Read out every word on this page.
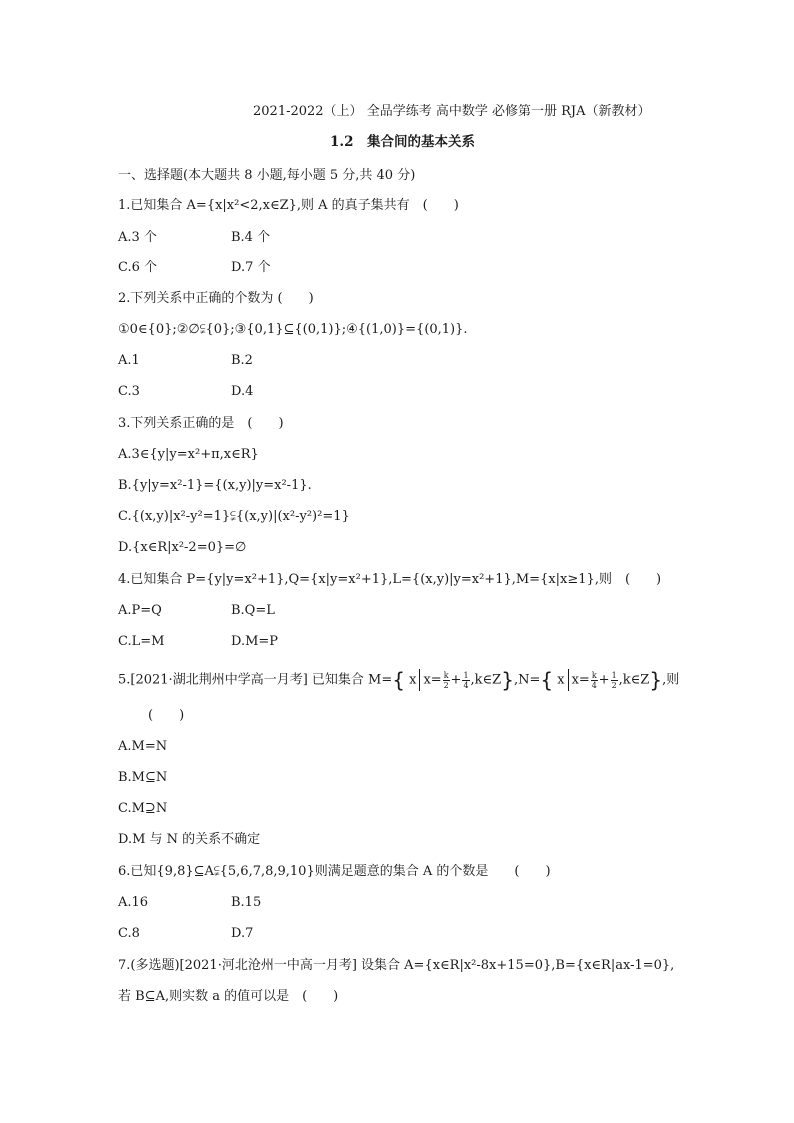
2021-2022（上） 全品学练考 高中数学 必修第一册 RJA（新教材）
1.2　集合间的基本关系
一、选择题(本大题共 8 小题,每小题 5 分,共 40 分)
1.已知集合 A={x|x²<2,x∈Z},则 A 的真子集共有　(　　)
A.3 个	B.4 个
C.6 个	D.7 个
2.下列关系中正确的个数为 (　　)
①0∈{0};②∅⫋{0};③{0,1}⊆{(0,1)};④{(1,0)}={(0,1)}.
A.1	B.2
C.3	D.4
3.下列关系正确的是　(　　)
A.3∈{y|y=x²+π,x∈R}
B.{y|y=x²-1}={(x,y)|y=x²-1}.
C.{(x,y)|x²-y²=1}⫋{(x,y)|(x²-y²)²=1}
D.{x∈R|x²-2=0}=∅
4.已知集合 P={y|y=x²+1},Q={x|y=x²+1},L={(x,y)|y=x²+1},M={x|x≥1},则　(　　)
A.P=Q	B.Q=L
C.L=M	D.M=P
5.[2021·湖北荆州中学高一月考] 已知集合 M={ x $x= \frac{k}{2} + \frac{1}{4}$ ,k∈Z},N={ x $x= \frac{k}{4} + \frac{1}{2}$ ,k∈Z},则
(　　)
A.M=N
B.M⊆N
C.M⊇N
D.M 与 N 的关系不确定
6.已知{9,8}⊆A⫋{5,6,7,8,9,10}则满足题意的集合 A 的个数是　　(　　)
A.16	B.15
C.8	D.7
7.(多选题)[2021·河北沧州一中高一月考] 设集合 A={x∈R|x²-8x+15=0},B={x∈R|ax-1=0},
若 B⊆A,则实数 a 的值可以是　(　　)
